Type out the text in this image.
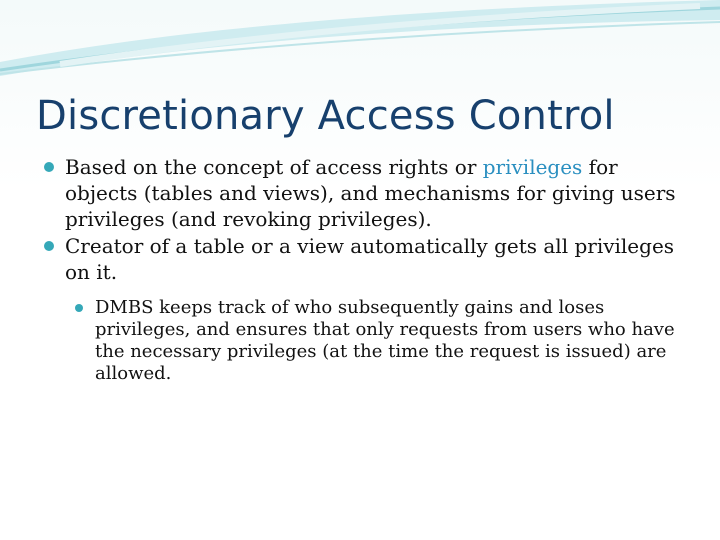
Discretionary Access Control
Based on the concept of access rights or privileges for objects (tables and views), and mechanisms for giving users privileges (and revoking privileges).
Creator of a table or a view automatically gets all privileges on it.
DMBS keeps track of who subsequently gains and loses privileges, and ensures that only requests from users who have the necessary privileges (at the time the request is issued) are allowed.
